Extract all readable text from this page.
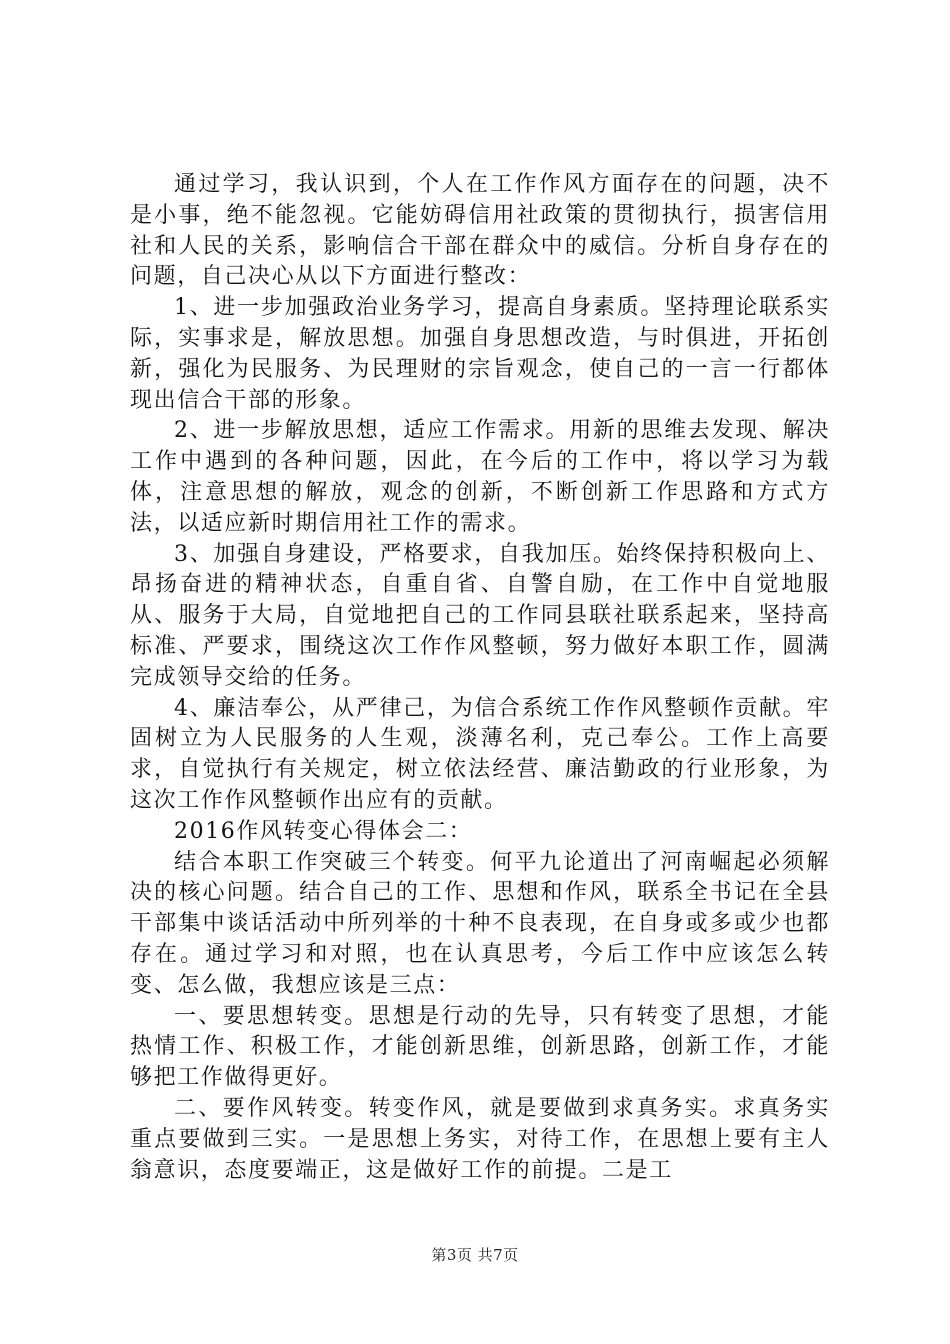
通过学习，我认识到，个人在工作作风方面存在的问题，决不是小事，绝不能忽视。它能妨碍信用社政策的贯彻执行，损害信用社和人民的关系，影响信合干部在群众中的威信。分析自身存在的问题，自己决心从以下方面进行整改：

1、进一步加强政治业务学习，提高自身素质。坚持理论联系实际，实事求是，解放思想。加强自身思想改造，与时俱进，开拓创新，强化为民服务、为民理财的宗旨观念，使自己的一言一行都体现出信合干部的形象。

2、进一步解放思想，适应工作需求。用新的思维去发现、解决工作中遇到的各种问题，因此，在今后的工作中，将以学习为载体，注意思想的解放，观念的创新，不断创新工作思路和方式方法，以适应新时期信用社工作的需求。

3、加强自身建设，严格要求，自我加压。始终保持积极向上、昂扬奋进的精神状态，自重自省、自警自励，在工作中自觉地服从、服务于大局，自觉地把自己的工作同县联社联系起来，坚持高标准、严要求，围绕这次工作作风整顿，努力做好本职工作，圆满完成领导交给的任务。

4、廉洁奉公，从严律己，为信合系统工作作风整顿作贡献。牢固树立为人民服务的人生观，淡薄名利，克己奉公。工作上高要求，自觉执行有关规定，树立依法经营、廉洁勤政的行业形象，为这次工作作风整顿作出应有的贡献。

2016作风转变心得体会二：

结合本职工作突破三个转变。何平九论道出了河南崛起必须解决的核心问题。结合自己的工作、思想和作风，联系全书记在全县干部集中谈话活动中所列举的十种不良表现，在自身或多或少也都存在。通过学习和对照，也在认真思考，今后工作中应该怎么转变、怎么做，我想应该是三点：

一、要思想转变。思想是行动的先导，只有转变了思想，才能热情工作、积极工作，才能创新思维，创新思路，创新工作，才能够把工作做得更好。

二、要作风转变。转变作风，就是要做到求真务实。求真务实重点要做到三实。一是思想上务实，对待工作，在思想上要有主人翁意识，态度要端正，这是做好工作的前提。二是工

第3页 共7页
